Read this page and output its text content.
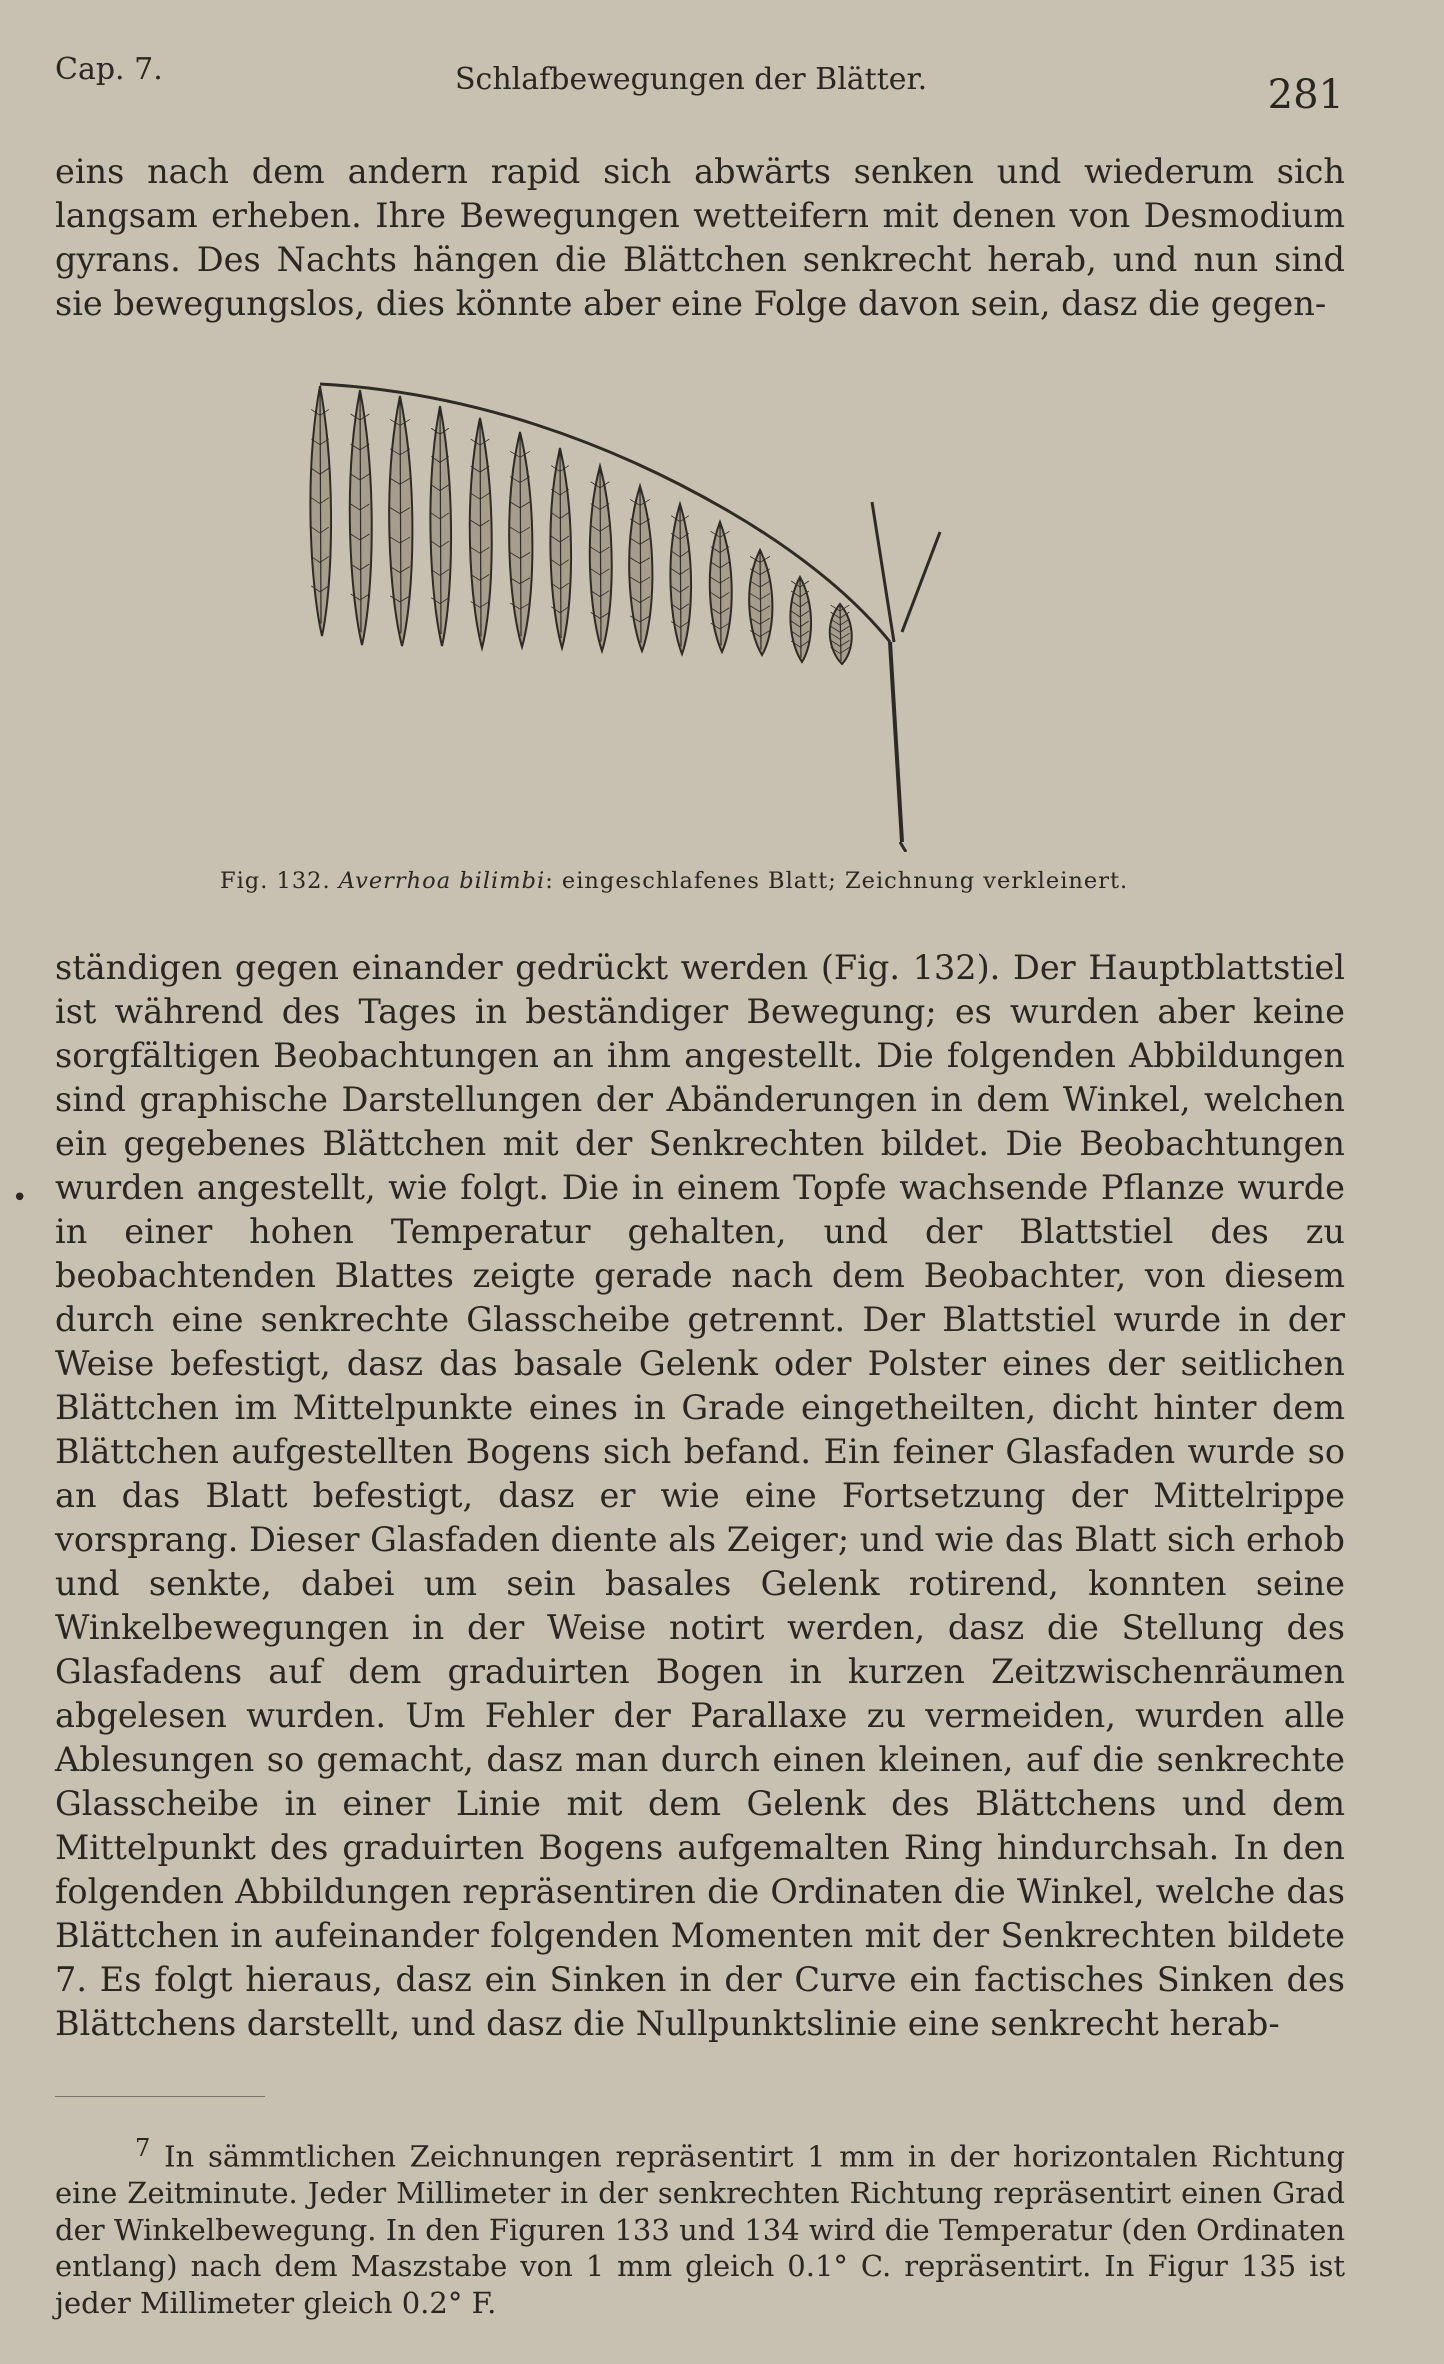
Cap. 7.	Schlafbewegungen der Blätter.	281
eins nach dem andern rapid sich abwärts senken und wiederum sich langsam erheben. Ihre Bewegungen wetteifern mit denen von Desmodium gyrans. Des Nachts hängen die Blättchen senkrecht herab, und nun sind sie bewegungslos, dies könnte aber eine Folge davon sein, dasz die gegen-
Fig. 132. Averrhoa bilimbi: eingeschlafenes Blatt; Zeichnung verkleinert.
ständigen gegen einander gedrückt werden (Fig. 132). Der Hauptblattstiel ist während des Tages in beständiger Bewegung; es wurden aber keine sorgfältigen Beobachtungen an ihm angestellt. Die folgenden Abbildungen sind graphische Darstellungen der Abänderungen in dem Winkel, welchen ein gegebenes Blättchen mit der Senkrechten bildet. Die Beobachtungen wurden angestellt, wie folgt. Die in einem Topfe wachsende Pflanze wurde in einer hohen Temperatur gehalten, und der Blattstiel des zu beobachtenden Blattes zeigte gerade nach dem Beobachter, von diesem durch eine senkrechte Glasscheibe getrennt. Der Blattstiel wurde in der Weise befestigt, dasz das basale Gelenk oder Polster eines der seitlichen Blättchen im Mittelpunkte eines in Grade eingetheilten, dicht hinter dem Blättchen aufgestellten Bogens sich befand. Ein feiner Glasfaden wurde so an das Blatt befestigt, dasz er wie eine Fortsetzung der Mittelrippe vorsprang. Dieser Glasfaden diente als Zeiger; und wie das Blatt sich erhob und senkte, dabei um sein basales Gelenk rotirend, konnten seine Winkelbewegungen in der Weise notirt werden, dasz die Stellung des Glasfadens auf dem graduirten Bogen in kurzen Zeitzwischenräumen abgelesen wurden. Um Fehler der Parallaxe zu vermeiden, wurden alle Ablesungen so gemacht, dasz man durch einen kleinen, auf die senkrechte Glasscheibe in einer Linie mit dem Gelenk des Blättchens und dem Mittelpunkt des graduirten Bogens aufgemalten Ring hindurchsah. In den folgenden Abbildungen repräsentiren die Ordinaten die Winkel, welche das Blättchen in aufeinander folgenden Momenten mit der Senkrechten bildete 7. Es folgt hieraus, dasz ein Sinken in der Curve ein factisches Sinken des Blättchens darstellt, und dasz die Nullpunktslinie eine senkrecht herab-
•
$^7$ In sämmtlichen Zeichnungen repräsentirt 1 mm in der horizontalen Richtung eine Zeitminute. Jeder Millimeter in der senkrechten Richtung repräsentirt einen Grad der Winkelbewegung. In den Figuren 133 und 134 wird die Temperatur (den Ordinaten entlang) nach dem Maszstabe von 1 mm gleich 0.1° C. repräsentirt. In Figur 135 ist jeder Millimeter gleich 0.2° F.
